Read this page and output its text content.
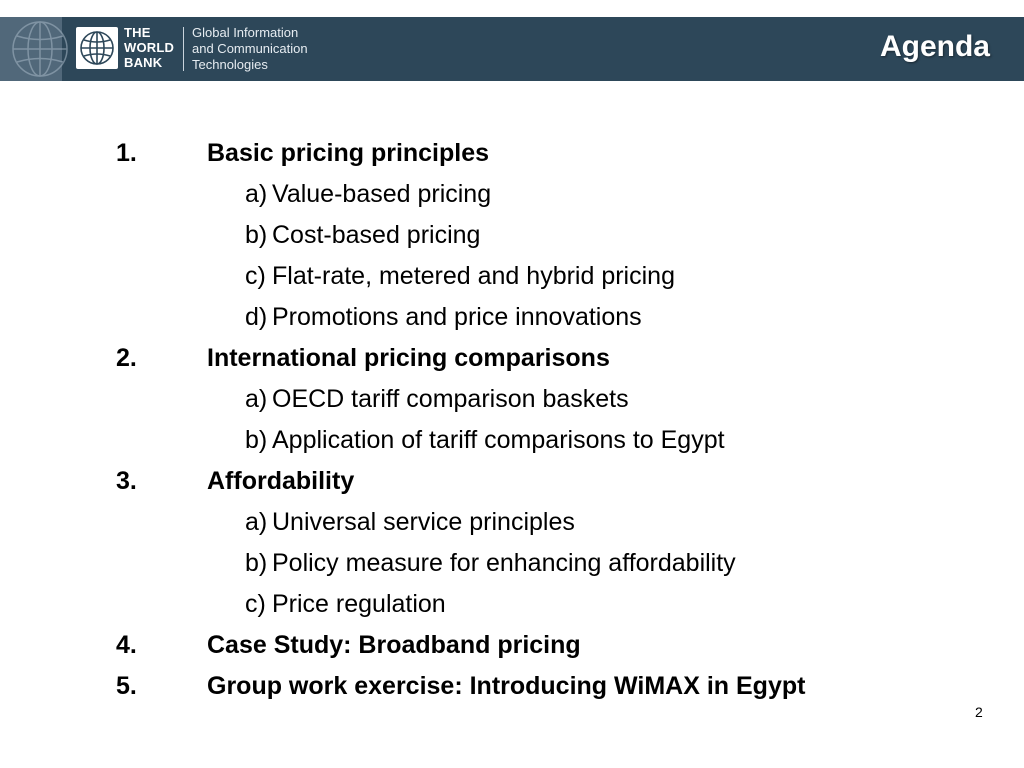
THE
WORLD
BANK
Global Information
and Communication
Technologies
Agenda
1.	Basic pricing principles
a) Value-based pricing
b) Cost-based pricing
c) Flat-rate, metered and hybrid pricing
d) Promotions and price innovations
2.	International pricing comparisons
a) OECD tariff comparison baskets
b) Application of tariff comparisons to Egypt
3.	Affordability
a) Universal service principles
b) Policy measure for enhancing affordability
c) Price regulation
4.	Case Study: Broadband pricing
5.	Group work exercise: Introducing WiMAX in Egypt
2
